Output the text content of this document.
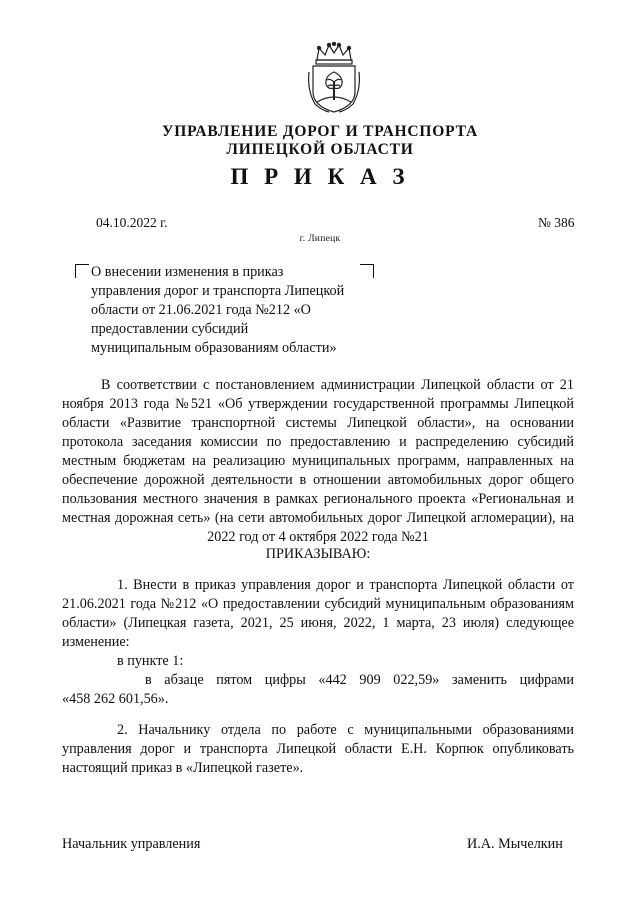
УПРАВЛЕНИЕ ДОРОГ И ТРАНСПОРТА
ЛИПЕЦКОЙ ОБЛАСТИ
П Р И К А З
04.10.2022 г.	№ 386
г. Липецк
О внесении изменения в приказ
управления дорог и транспорта Липецкой
области от 21.06.2021 года №212 «О
предоставлении субсидий
муниципальным образованиям области»
В соответствии с постановлением администрации Липецкой области от 21
ноября 2013 года №521 «Об утверждении государственной программы Липецкой
области «Развитие транспортной системы Липецкой области», на основании
протокола заседания комиссии по предоставлению и распределению субсидий
местным бюджетам на реализацию муниципальных программ, направленных на
обеспечение дорожной деятельности в отношении автомобильных дорог общего
пользования местного значения в рамках регионального проекта «Региональная и
местная дорожная сеть» (на сети автомобильных дорог Липецкой агломерации), на
2022 год от 4 октября 2022 года №21
ПРИКАЗЫВАЮ:
1. Внести в приказ управления дорог и транспорта Липецкой области от
21.06.2021 года №212 «О предоставлении субсидий муниципальным образованиям
области» (Липецкая газета, 2021, 25 июня, 2022, 1 марта, 23 июля) следующее
изменение:
в пункте 1:
в абзаце пятом цифры «442 909 022,59» заменить цифрами
«458 262 601,56».
2. Начальнику отдела по работе с муниципальными образованиями
управления дорог и транспорта Липецкой области Е.Н. Корпюк опубликовать
настоящий приказ в «Липецкой газете».
Начальник управления	И.А. Мычелкин
